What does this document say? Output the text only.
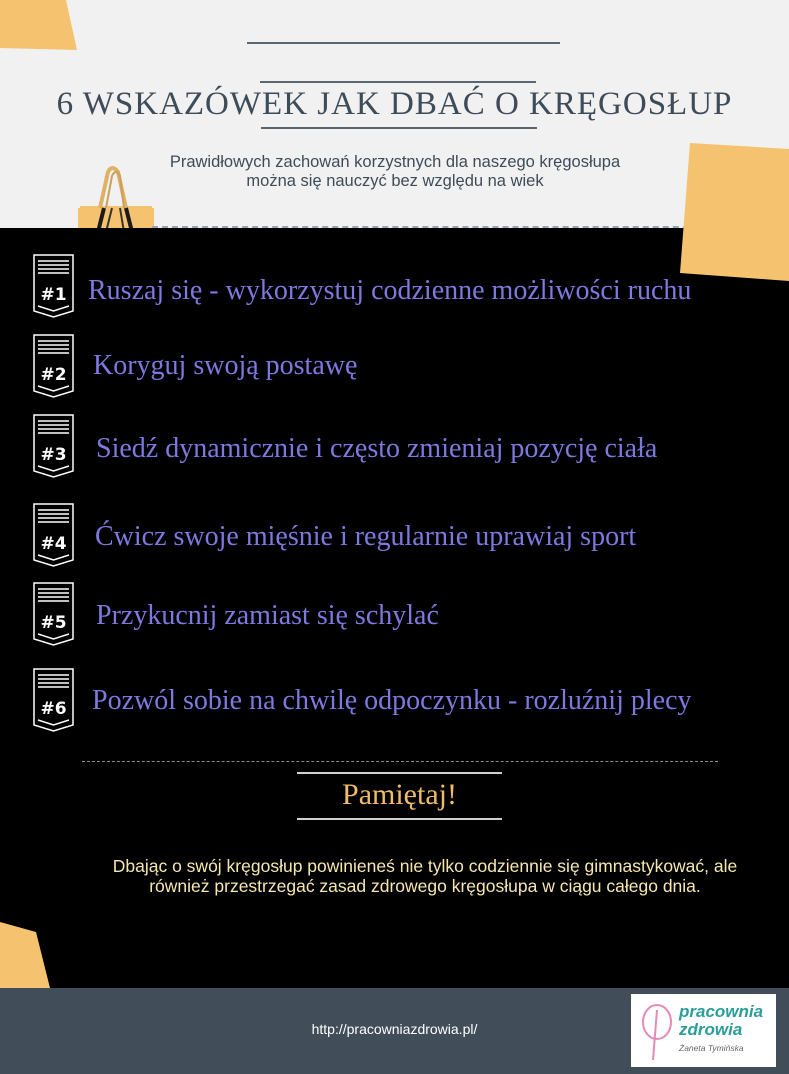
6 WSKAZÓWEK JAK DBAĆ O KRĘGOSŁUP
Prawidłowych zachowań korzystnych dla naszego kręgosłupa można się nauczyć bez względu na wiek
#1 Ruszaj się - wykorzystuj codzienne możliwości ruchu
#2 Koryguj swoją postawę
#3 Siedź dynamicznie i często zmieniaj pozycję ciała
#4 Ćwicz swoje mięśnie i regularnie uprawiaj sport
#5 Przykucnij zamiast się schylać
#6 Pozwól sobie na chwilę odpoczynku - rozluźnij plecy
Pamiętaj!
Dbając o swój kręgosłup powinieneś nie tylko codziennie się gimnastykować, ale również przestrzegać zasad zdrowego kręgosłupa w ciągu całego dnia.
http://pracowniazdrowia.pl/
pracownia
zdrowia
Żaneta Tymińska
